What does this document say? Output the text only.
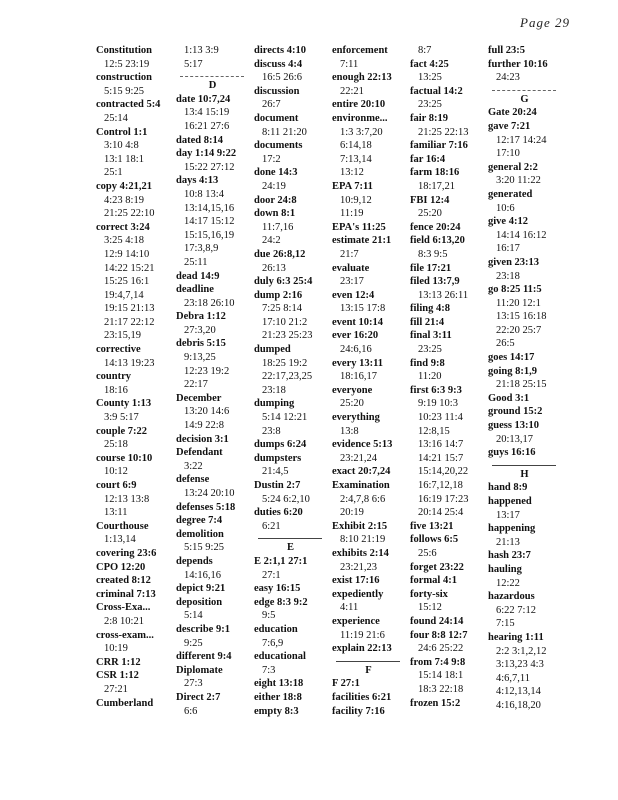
Page 29
Constitution
12:5 23:19
construction
5:15 9:25
contracted 5:4
25:14
Control 1:1
3:10 4:8
13:1 18:1
25:1
copy 4:21,21
4:23 8:19
21:25 22:10
correct 3:24
3:25 4:18
12:9 14:10
14:22 15:21
15:25 16:1
19:4,7,14
19:15 21:13
21:17 22:12
23:15,19
corrective
14:13 19:23
country
18:16
County 1:13
3:9 5:17
couple 7:22
25:18
course 10:10
10:12
court 6:9
12:13 13:8
13:11
Courthouse
1:13,14
covering 23:6
CPO 12:20
created 8:12
criminal 7:13
Cross-Exa...
2:8 10:21
cross-exam...
10:19
CRR 1:12
CSR 1:12
27:21
Cumberland
1:13 3:9
5:17
D
date 10:7,24
13:4 15:19
16:21 27:6
dated 8:14
day 1:14 9:22
15:22 27:12
days 4:13
10:8 13:4
13:14,15,16
14:17 15:12
15:15,16,19
17:3,8,9
25:11
dead 14:9
deadline
23:18 26:10
Debra 1:12
27:3,20
debris 5:15
9:13,25
12:23 19:2
22:17
December
13:20 14:6
14:9 22:8
decision 3:1
Defendant
3:22
defense
13:24 20:10
defenses 5:18
degree 7:4
demolition
5:15 9:25
depends
14:16,16
depict 9:21
deposition
5:14
describe 9:1
9:25
different 9:4
Diplomate
27:3
Direct 2:7
6:6
directs 4:10
discuss 4:4
16:5 26:6
discussion
26:7
document
8:11 21:20
documents
17:2
done 14:3
24:19
door 24:8
down 8:1
11:7,16
24:2
due 26:8,12
26:13
duly 6:3 25:4
dump 2:16
7:25 8:14
17:10 21:2
21:23 25:23
dumped
18:25 19:2
22:17,23,25
23:18
dumping
5:14 12:21
23:8
dumps 6:24
dumpsters
21:4,5
Dustin 2:7
5:24 6:2,10
duties 6:20
6:21
E
E 2:1,1 27:1
27:1
easy 16:15
edge 8:3 9:2
9:5
education
7:6,9
educational
7:3
eight 13:18
either 18:8
empty 8:3
enforcement
7:11
enough 22:13
22:21
entire 20:10
environme...
1:3 3:7,20
6:14,18
7:13,14
13:12
EPA 7:11
10:9,12
11:19
EPA's 11:25
estimate 21:1
21:7
evaluate
23:17
even 12:4
13:15 17:8
event 10:14
ever 16:20
24:6,16
every 13:11
18:16,17
everyone
25:20
everything
13:8
evidence 5:13
23:21,24
exact 20:7,24
Examination
2:4,7,8 6:6
20:19
Exhibit 2:15
8:10 21:19
exhibits 2:14
23:21,23
exist 17:16
expediently
4:11
experience
11:19 21:6
explain 22:13
F
F 27:1
facilities 6:21
facility 7:16
8:7
fact 4:25
13:25
factual 14:2
23:25
fair 8:19
21:25 22:13
familiar 7:16
far 16:4
farm 18:16
18:17,21
FBI 12:4
25:20
fence 20:24
field 6:13,20
8:3 9:5
file 17:21
filed 13:7,9
13:13 26:11
filing 4:8
fill 21:4
final 3:11
23:25
find 9:8
11:20
first 6:3 9:3
9:19 10:3
10:23 11:4
12:8,15
13:16 14:7
14:21 15:7
15:14,20,22
16:7,12,18
16:19 17:23
20:14 25:4
five 13:21
follows 6:5
25:6
forget 23:22
formal 4:1
forty-six
15:12
found 24:14
four 8:8 12:7
24:6 25:22
from 7:4 9:8
15:14 18:1
18:3 22:18
frozen 15:2
full 23:5
further 10:16
24:23
G
Gate 20:24
gave 7:21
12:17 14:24
17:10
general 2:2
3:20 11:22
generated
10:6
give 4:12
14:14 16:12
16:17
given 23:13
23:18
go 8:25 11:5
11:20 12:1
13:15 16:18
22:20 25:7
26:5
goes 14:17
going 8:1,9
21:18 25:15
Good 3:1
ground 15:2
guess 13:10
20:13,17
guys 16:16
H
hand 8:9
happened
13:17
happening
21:13
hash 23:7
hauling
12:22
hazardous
6:22 7:12
7:15
hearing 1:11
2:2 3:1,2,12
3:13,23 4:3
4:6,7,11
4:12,13,14
4:16,18,20
